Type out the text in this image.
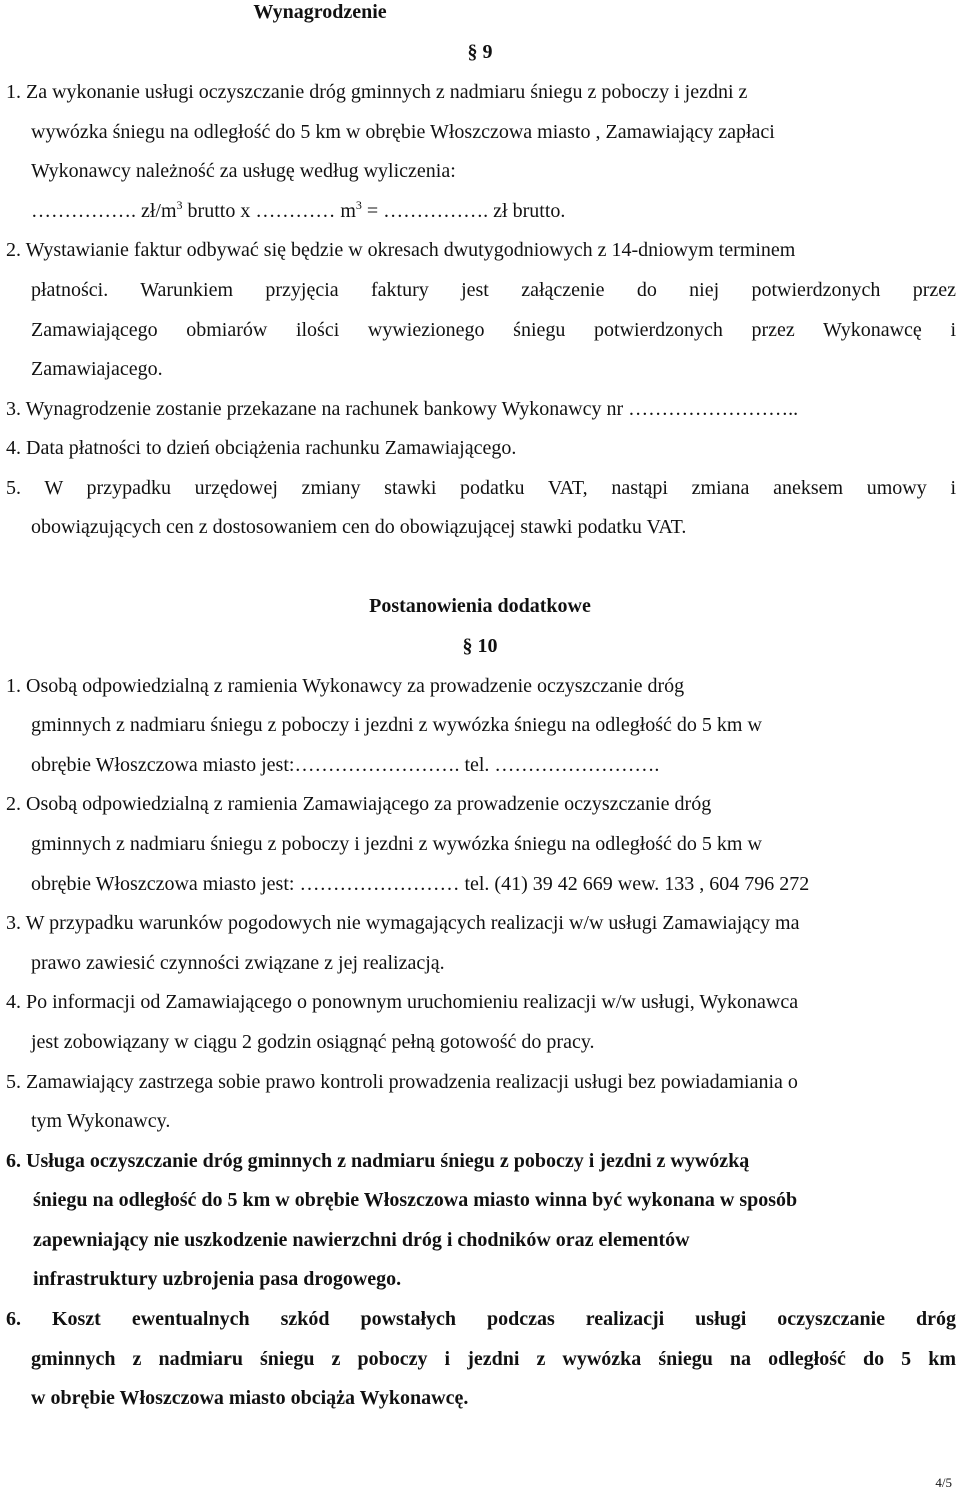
Wynagrodzenie
§ 9
1. Za wykonanie usługi oczyszczanie dróg gminnych z nadmiaru śniegu z poboczy i jezdni z
wywózka śniegu na odległość do 5 km w obrębie Włoszczowa miasto , Zamawiający zapłaci
Wykonawcy należność za usługę według wyliczenia:
……………. $zł/m^3$ brutto x ………… $m^3$ = ……………. zł brutto.
2. Wystawianie faktur odbywać się będzie w okresach dwutygodniowych z 14-dniowym terminem
płatności. Warunkiem przyjęcia faktury jest załączenie do niej potwierdzonych przez
Zamawiającego obmiarów ilości wywiezionego śniegu potwierdzonych przez Wykonawcę i
Zamawiajacego.
3. Wynagrodzenie zostanie przekazane na rachunek bankowy Wykonawcy nr ……………………..
4. Data płatności to dzień obciążenia rachunku Zamawiającego.
5. W przypadku urzędowej zmiany stawki podatku VAT, nastąpi zmiana aneksem umowy i
obowiązujących cen z dostosowaniem cen do obowiązującej stawki podatku VAT.
Postanowienia dodatkowe
§ 10
1. Osobą odpowiedzialną z ramienia Wykonawcy za prowadzenie oczyszczanie dróg
gminnych z nadmiaru śniegu z poboczy i jezdni z wywózka śniegu na odległość do 5 km w
obrębie Włoszczowa miasto jest:……………………. tel. …………………….
2. Osobą odpowiedzialną z ramienia Zamawiającego za prowadzenie oczyszczanie dróg
gminnych z nadmiaru śniegu z poboczy i jezdni z wywózka śniegu na odległość do 5 km w
obrębie Włoszczowa miasto jest: …………………… tel. (41) 39 42 669 wew. 133 , 604 796 272
3. W przypadku warunków pogodowych nie wymagających realizacji w/w usługi Zamawiający ma
prawo zawiesić czynności związane z jej realizacją.
4. Po informacji od Zamawiającego o ponownym uruchomieniu realizacji w/w usługi, Wykonawca
jest zobowiązany w ciągu 2 godzin osiągnąć pełną gotowość do pracy.
5. Zamawiający zastrzega sobie prawo kontroli prowadzenia realizacji usługi bez powiadamiania o
tym Wykonawcy.
6. Usługa oczyszczanie dróg gminnych z nadmiaru śniegu z poboczy i jezdni z wywózką
śniegu na odległość do 5 km w obrębie Włoszczowa miasto winna być wykonana w sposób
zapewniający nie uszkodzenie nawierzchni dróg i chodników oraz elementów
infrastruktury uzbrojenia pasa drogowego.
6. Koszt ewentualnych szkód powstałych podczas realizacji usługi oczyszczanie dróg
gminnych z nadmiaru śniegu z poboczy i jezdni z wywózka śniegu na odległość do 5 km
w obrębie Włoszczowa miasto obciąża Wykonawcę.
4/5
